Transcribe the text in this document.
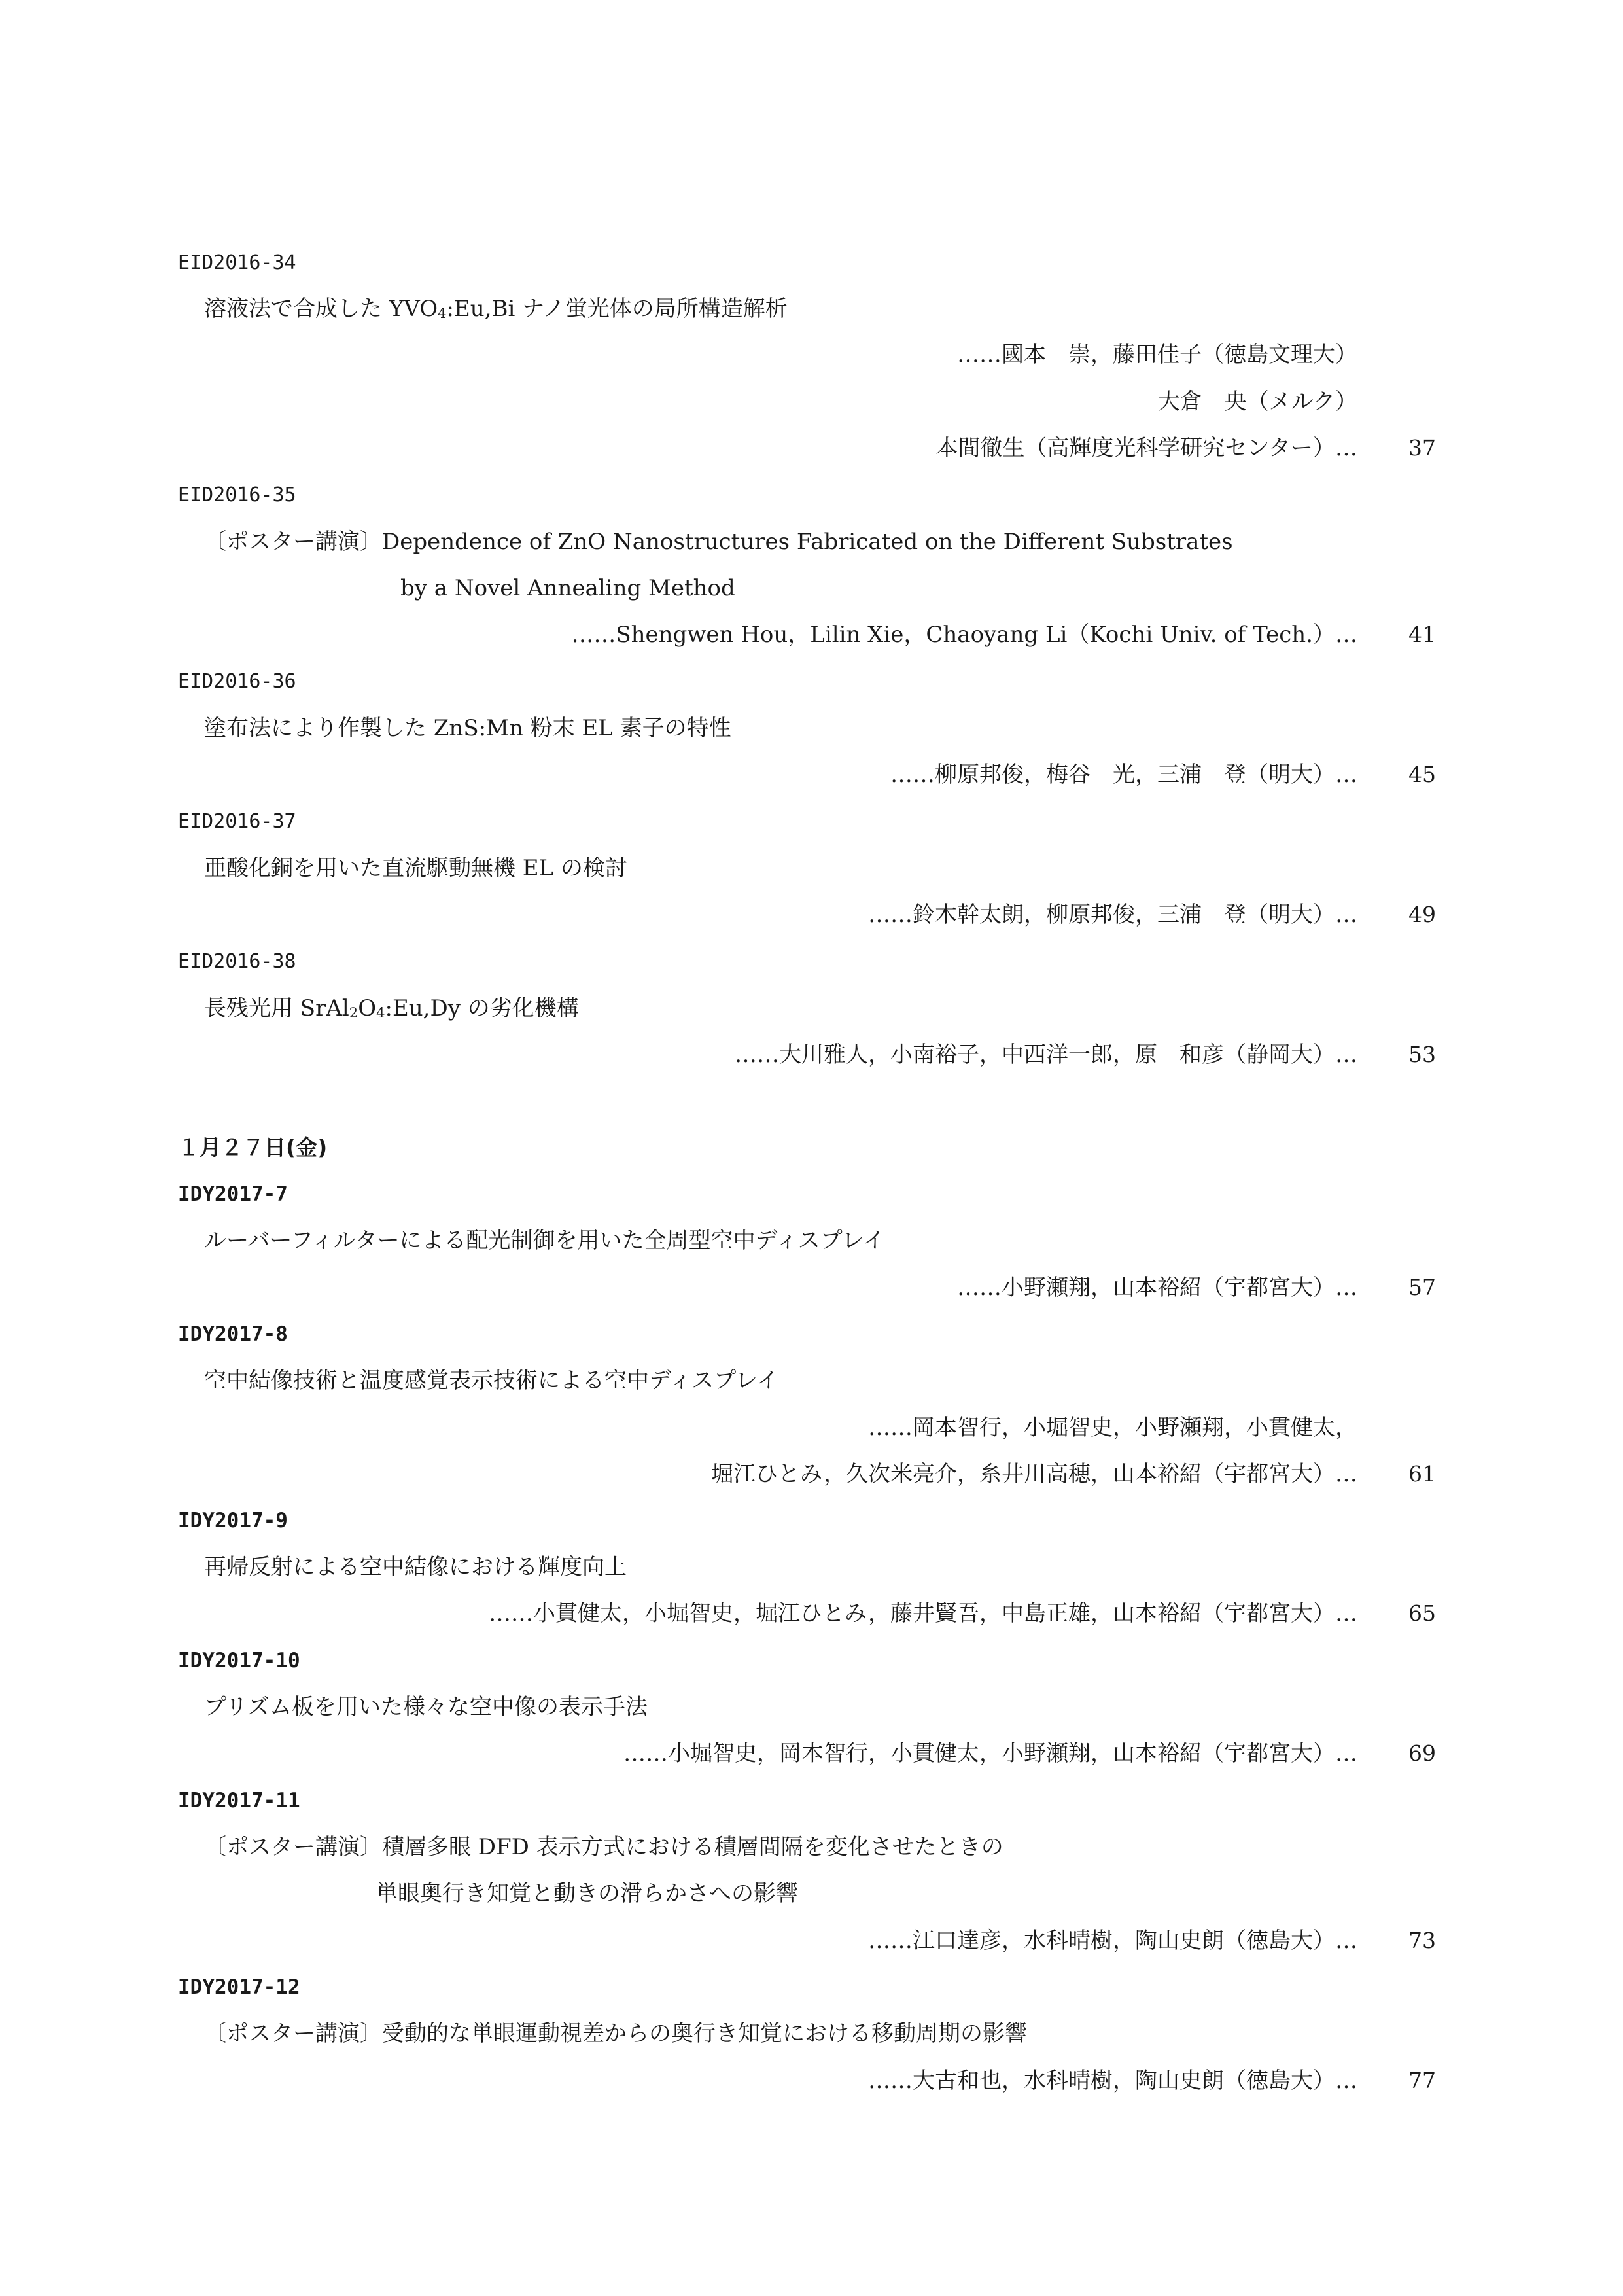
EID2016-34
溶液法で合成した $YVO_4:Eu,Bi$ ナノ蛍光体の局所構造解析
……國本　崇，藤田佳子（徳島文理大）
大倉　央（メルク）
本間徹生（高輝度光科学研究センター）… 37
EID2016-35
〔ポスター講演〕Dependence of ZnO Nanostructures Fabricated on the Different Substrates
by a Novel Annealing Method
……Shengwen Hou，Lilin Xie，Chaoyang Li（Kochi Univ. of Tech.）… 41
EID2016-36
塗布法により作製した ZnS:Mn 粉末 EL 素子の特性
……柳原邦俊，梅谷　光，三浦　登（明大）… 45
EID2016-37
亜酸化銅を用いた直流駆動無機 EL の検討
……鈴木幹太朗，柳原邦俊，三浦　登（明大）… 49
EID2016-38
長残光用 $SrAl_2O_4:Eu,Dy$ の劣化機構
……大川雅人，小南裕子，中西洋一郎，原　和彦（静岡大）… 53
１月２７日(金)
IDY2017-7
ルーバーフィルターによる配光制御を用いた全周型空中ディスプレイ
……小野瀬翔，山本裕紹（宇都宮大）… 57
IDY2017-8
空中結像技術と温度感覚表示技術による空中ディスプレイ
……岡本智行，小堀智史，小野瀬翔，小貫健太，
堀江ひとみ，久次米亮介，糸井川高穂，山本裕紹（宇都宮大）… 61
IDY2017-9
再帰反射による空中結像における輝度向上
……小貫健太，小堀智史，堀江ひとみ，藤井賢吾，中島正雄，山本裕紹（宇都宮大）… 65
IDY2017-10
プリズム板を用いた様々な空中像の表示手法
……小堀智史，岡本智行，小貫健太，小野瀬翔，山本裕紹（宇都宮大）… 69
IDY2017-11
〔ポスター講演〕積層多眼 DFD 表示方式における積層間隔を変化させたときの
単眼奥行き知覚と動きの滑らかさへの影響
……江口達彦，水科晴樹，陶山史朗（徳島大）… 73
IDY2017-12
〔ポスター講演〕受動的な単眼運動視差からの奥行き知覚における移動周期の影響
……大古和也，水科晴樹，陶山史朗（徳島大）… 77
